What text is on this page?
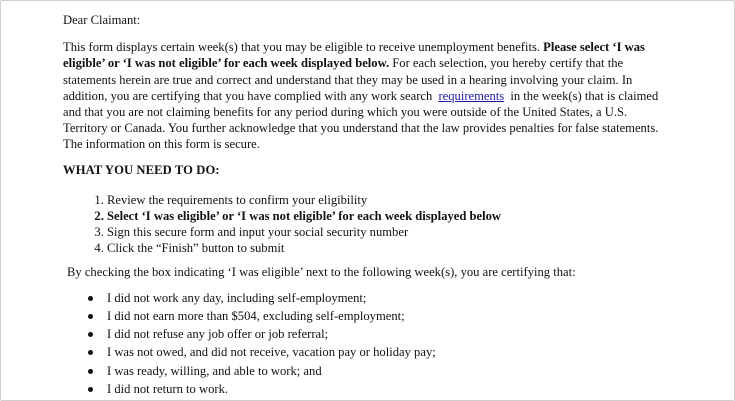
Dear Claimant:

This form displays certain week(s) that you may be eligible to receive unemployment benefits. Please select ‘I was eligible’ or ‘I was not eligible’ for each week displayed below. For each selection, you hereby certify that the statements herein are true and correct and understand that they may be used in a hearing involving your claim. In addition, you are certifying that you have complied with any work search requirements in the week(s) that is claimed and that you are not claiming benefits for any period during which you were outside of the United States, a U.S. Territory or Canada. You further acknowledge that you understand that the law provides penalties for false statements. The information on this form is secure.

WHAT YOU NEED TO DO:

1. Review the requirements to confirm your eligibility
2. Select ‘I was eligible’ or ‘I was not eligible’ for each week displayed below
3. Sign this secure form and input your social security number
4. Click the “Finish” button to submit

By checking the box indicating ‘I was eligible’ next to the following week(s), you are certifying that:

I did not work any day, including self-employment;
I did not earn more than $504, excluding self-employment;
I did not refuse any job offer or job referral;
I was not owed, and did not receive, vacation pay or holiday pay;
I was ready, willing, and able to work; and
I did not return to work.
